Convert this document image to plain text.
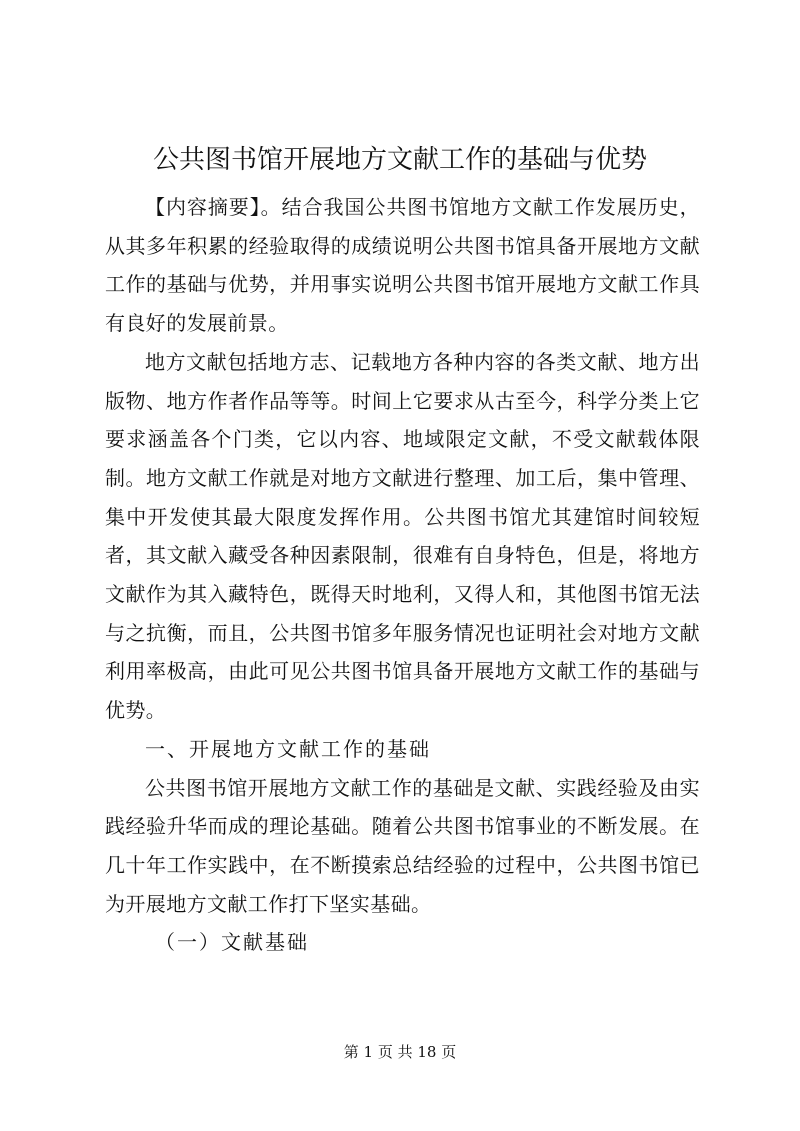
公共图书馆开展地方文献工作的基础与优势

【内容摘要】。结合我国公共图书馆地方文献工作发展历史，从其多年积累的经验取得的成绩说明公共图书馆具备开展地方文献工作的基础与优势，并用事实说明公共图书馆开展地方文献工作具有良好的发展前景。

地方文献包括地方志、记载地方各种内容的各类文献、地方出版物、地方作者作品等等。时间上它要求从古至今，科学分类上它要求涵盖各个门类，它以内容、地域限定文献，不受文献载体限制。地方文献工作就是对地方文献进行整理、加工后，集中管理、集中开发使其最大限度发挥作用。公共图书馆尤其建馆时间较短者，其文献入藏受各种因素限制，很难有自身特色，但是，将地方文献作为其入藏特色，既得天时地利，又得人和，其他图书馆无法与之抗衡，而且，公共图书馆多年服务情况也证明社会对地方文献利用率极高，由此可见公共图书馆具备开展地方文献工作的基础与优势。

一、开展地方文献工作的基础

公共图书馆开展地方文献工作的基础是文献、实践经验及由实践经验升华而成的理论基础。随着公共图书馆事业的不断发展。在几十年工作实践中，在不断摸索总结经验的过程中，公共图书馆已为开展地方文献工作打下坚实基础。

（一）文献基础

第 1 页 共 18 页
